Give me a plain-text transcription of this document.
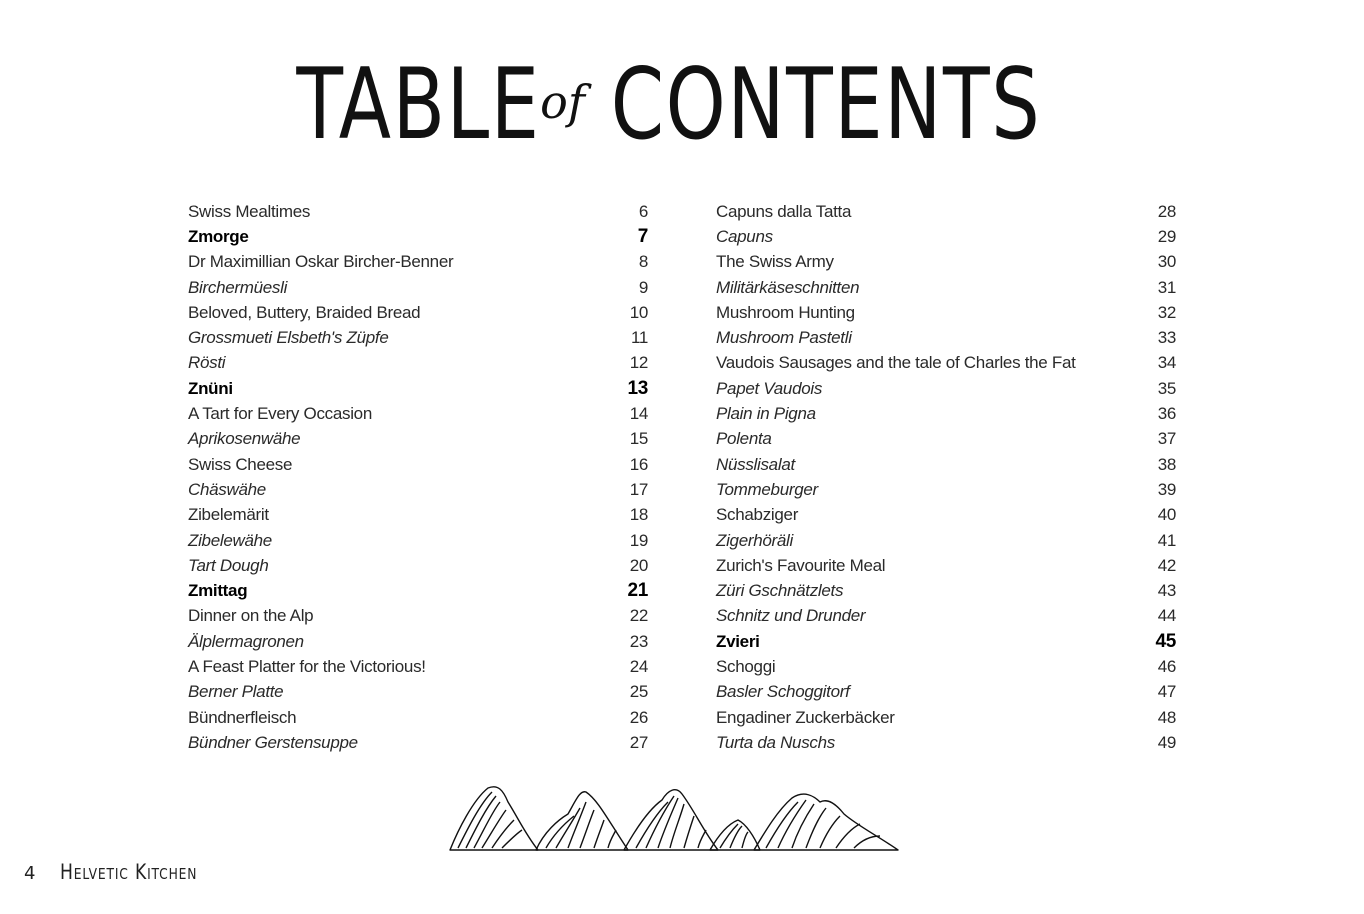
TABLE of CONTENTS
Swiss Mealtimes	6
Zmorge	7
Dr Maximillian Oskar Bircher-Benner	8
Birchermüesli	9
Beloved, Buttery, Braided Bread	10
Grossmueti Elsbeth's Züpfe	11
Rösti	12
Znüni	13
A Tart for Every Occasion	14
Aprikosenwähe	15
Swiss Cheese	16
Chäswähe	17
Zibelemärit	18
Zibelewähe	19
Tart Dough	20
Zmittag	21
Dinner on the Alp	22
Älplermagronen	23
A Feast Platter for the Victorious!	24
Berner Platte	25
Bündnerfleisch	26
Bündner Gerstensuppe	27
Capuns dalla Tatta	28
Capuns	29
The Swiss Army	30
Militärkäseschnitten	31
Mushroom Hunting	32
Mushroom Pastetli	33
Vaudois Sausages and the tale of Charles the Fat	34
Papet Vaudois	35
Plain in Pigna	36
Polenta	37
Nüsslisalat	38
Tommeburger	39
Schabziger	40
Zigerhöräli	41
Zurich's Favourite Meal	42
Züri Gschnätzlets	43
Schnitz und Drunder	44
Zvieri	45
Schoggi	46
Basler Schoggitorf	47
Engadiner Zuckerbäcker	48
Turta da Nuschs	49
4 Helvetic Kitchen
